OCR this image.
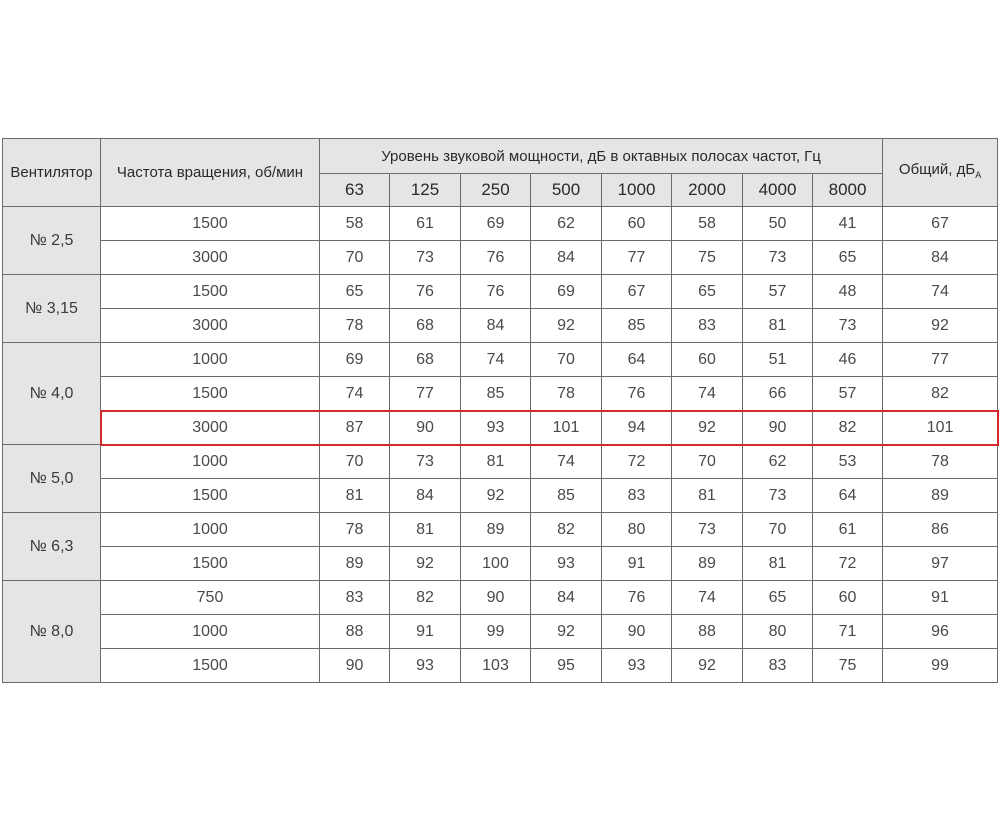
Вентилятор	Частота вращения, об/мин	Уровень звуковой мощности, дБ в октавных полосах частот, Гц								Общий, $дБ_A$
		63	125	250	500	1000	2000	4000	8000	
№ 2,5	1500	58	61	69	62	60	58	50	41	67
	3000	70	73	76	84	77	75	73	65	84
№ 3,15	1500	65	76	76	69	67	65	57	48	74
	3000	78	68	84	92	85	83	81	73	92
№ 4,0	1000	69	68	74	70	64	60	51	46	77
	1500	74	77	85	78	76	74	66	57	82
	3000	87	90	93	101	94	92	90	82	101
№ 5,0	1000	70	73	81	74	72	70	62	53	78
	1500	81	84	92	85	83	81	73	64	89
№ 6,3	1000	78	81	89	82	80	73	70	61	86
	1500	89	92	100	93	91	89	81	72	97
№ 8,0	750	83	82	90	84	76	74	65	60	91
	1000	88	91	99	92	90	88	80	71	96
	1500	90	93	103	95	93	92	83	75	99
